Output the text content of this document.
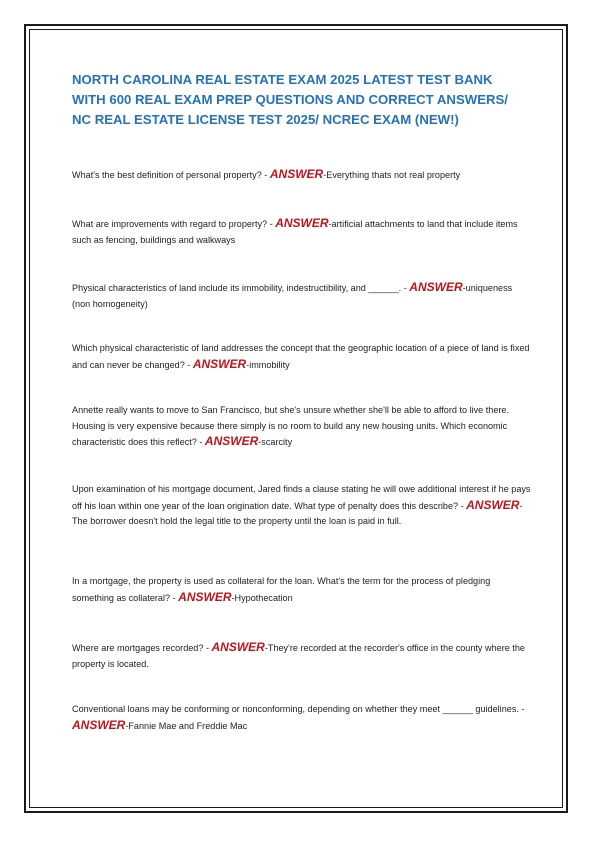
NORTH CAROLINA REAL ESTATE EXAM 2025 LATEST TEST BANK
WITH 600 REAL EXAM PREP QUESTIONS AND CORRECT ANSWERS/
NC REAL ESTATE LICENSE TEST 2025/ NCREC EXAM (NEW!)

What's the best definition of personal property? - ANSWER-Everything thats not real property

What are improvements with regard to property? - ANSWER-artificial attachments to land that include items such as fencing, buildings and walkways

Physical characteristics of land include its immobility, indestructibility, and ______. - ANSWER-uniqueness (non homogeneity)

Which physical characteristic of land addresses the concept that the geographic location of a piece of land is fixed and can never be changed? - ANSWER-immobility

Annette really wants to move to San Francisco, but she's unsure whether she'll be able to afford to live there. Housing is very expensive because there simply is no room to build any new housing units. Which economic characteristic does this reflect? - ANSWER-scarcity

Upon examination of his mortgage document, Jared finds a clause stating he will owe additional interest if he pays off his loan within one year of the loan origination date. What type of penalty does this describe? - ANSWER-The borrower doesn't hold the legal title to the property until the loan is paid in full.

In a mortgage, the property is used as collateral for the loan. What's the term for the process of pledging something as collateral? - ANSWER-Hypothecation

Where are mortgages recorded? - ANSWER-They're recorded at the recorder's office in the county where the property is located.

Conventional loans may be conforming or nonconforming, depending on whether they meet ______ guidelines. - ANSWER-Fannie Mae and Freddie Mac
